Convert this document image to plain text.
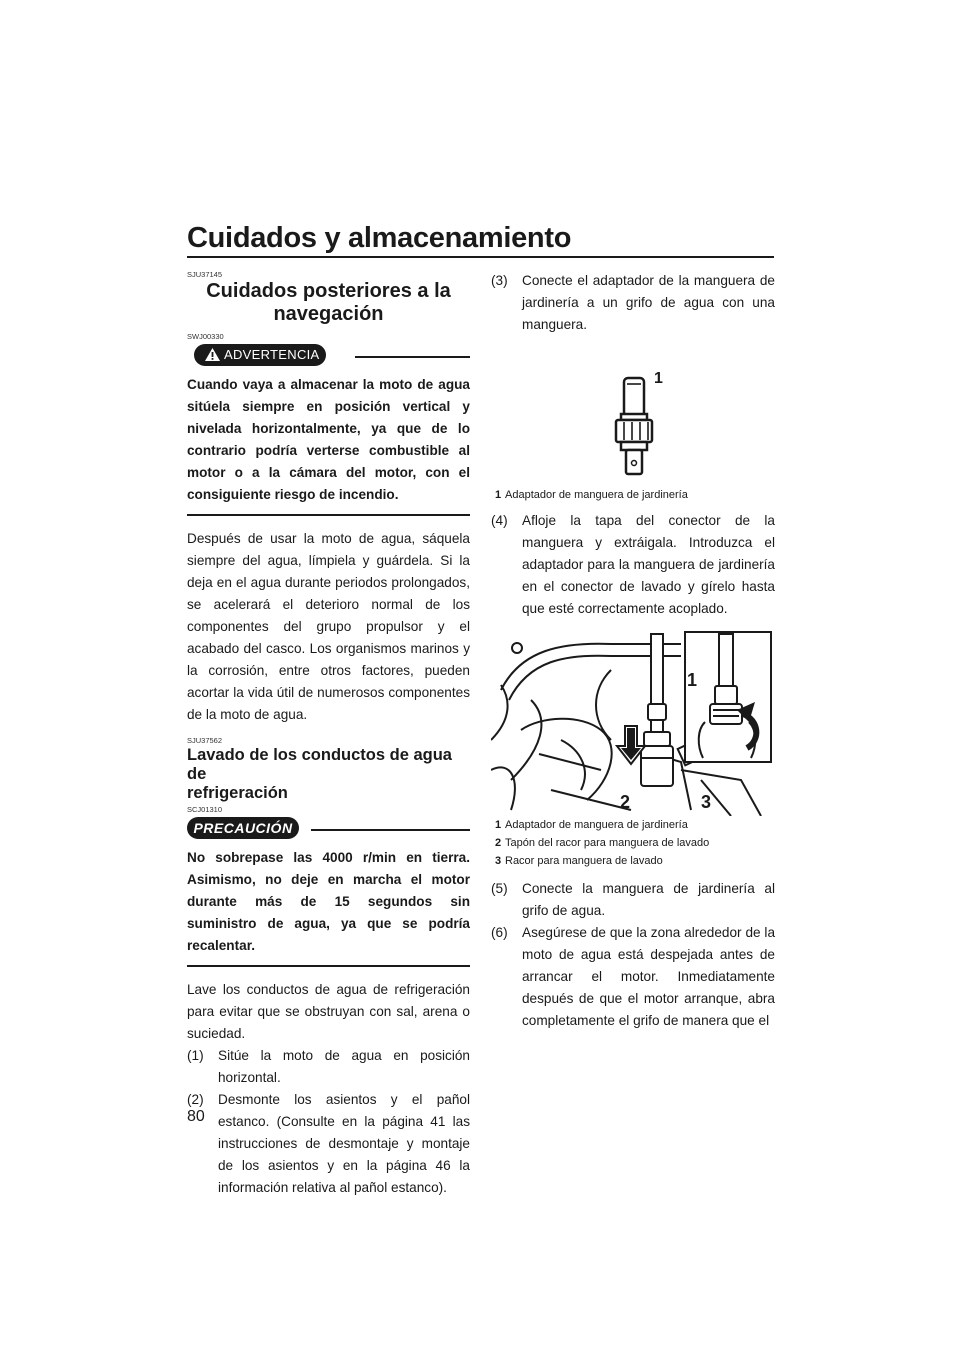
Cuidados y almacenamiento
SJU37145
Cuidados posteriores a la
navegación
SWJ00330
ADVERTENCIA
Cuando vaya a almacenar la moto de agua sitúela siempre en posición vertical y nivelada horizontalmente, ya que de lo contrario podría verterse combustible al motor o a la cámara del motor, con el consiguiente riesgo de incendio.
Después de usar la moto de agua, sáquela siempre del agua, límpiela y guárdela. Si la deja en el agua durante periodos prolongados, se acelerará el deterioro normal de los componentes del grupo propulsor y el acabado del casco. Los organismos marinos y la corrosión, entre otros factores, pueden acortar la vida útil de numerosos componentes de la moto de agua.
SJU37562
Lavado de los conductos de agua de
refrigeración
SCJ01310
PRECAUCIÓN
No sobrepase las 4000 r/min en tierra. Asimismo, no deje en marcha el motor durante más de 15 segundos sin suministro de agua, ya que se podría recalentar.
Lave los conductos de agua de refrigeración para evitar que se obstruyan con sal, arena o suciedad.
(1) Sitúe la moto de agua en posición horizontal.
(2) Desmonte los asientos y el pañol estanco. (Consulte en la página 41 las instrucciones de desmontaje y montaje de los asientos y en la página 46 la información relativa al pañol estanco).
(3) Conecte el adaptador de la manguera de jardinería a un grifo de agua con una manguera.
1
1 Adaptador de manguera de jardinería
(4) Afloje la tapa del conector de la manguera y extráigala. Introduzca el adaptador para la manguera de jardinería en el conector de lavado y gírelo hasta que esté correctamente acoplado.
1
2	3
1 Adaptador de manguera de jardinería
2 Tapón del racor para manguera de lavado
3 Racor para manguera de lavado
(5) Conecte la manguera de jardinería al grifo de agua.
(6) Asegúrese de que la zona alrededor de la moto de agua está despejada antes de arrancar el motor. Inmediatamente después de que el motor arranque, abra completamente el grifo de manera que el
80
